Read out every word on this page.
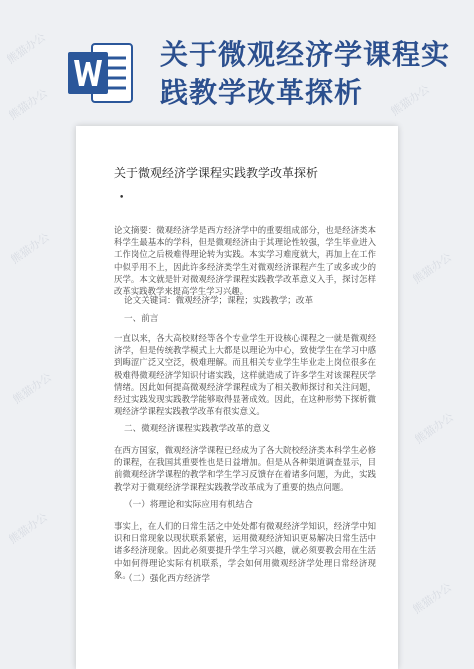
关于微观经济学课程实
践教学改革探析
熊猫办公
熊猫办公	熊猫办公
熊猫办公
熊猫办公
熊猫办公
熊猫办公
熊猫办公
熊猫办公
关于微观经济学课程实践教学改革探析
•

论文摘要：微观经济学是西方经济学中的重要组成部分，也是经济类本科学生最基本的学科，但是微观经济由于其理论性较强，学生毕业进入工作岗位之后极难得理论转为实践。本实学习难度就大，再加上在工作中似乎用不上，因此许多经济类学生对微观经济课程产生了或多或少的厌学。本文就是针对微观经济学课程实践教学改革意义入手，探讨怎样改革实践教学来提高学生学习兴趣。

论文关键词：微观经济学；课程；实践教学；改革
一、前言

一直以来，各大高校财经等各个专业学生开设核心课程之一就是微观经济学，但是传统教学模式上大都是以理论为中心，致使学生在学习中感到晦涩广泛又空泛，极难理解。而且相关专业学生毕业走上岗位很多在极难得微观经济学知识付诸实践，这样就造成了许多学生对该课程厌学情绪。因此如何提高微观经济学课程成为了相关教师探讨和关注问题，经过实践发现实践教学能够取得显著成效。因此，在这种形势下探析微观经济学课程实践教学改革有很实意义。

二、微观经济课程实践教学改革的意义

在西方国家，微观经济学课程已经成为了各大院校经济类本科学生必修的课程，在我国其重要性也是日益增加。但是从各种渠道调查显示，目前微观经济学课程的教学和学生学习反馈存在着诸多问题，为此，实践教学对于微观经济学课程实践教学改革成为了重要的热点问题。

（一）将理论和实际应用有机结合

事实上，在人们的日常生活之中处处都有微观经济学知识，经济学中知识和日常现象以现状联系紧密，运用微观经济知识更易解决日常生活中诸多经济现象。因此必须要提升学生学习兴趣，就必须要教会用在生活中如何得理论实际有机联系，学会如何用微观经济学处理日常经济现象。

（二）强化西方经济学
